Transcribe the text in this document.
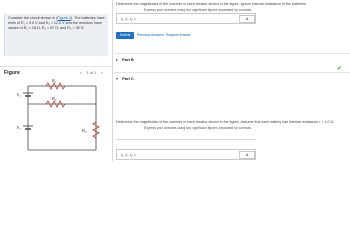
Consider the circuit shown in (Figure 1). The batteries have emfs of E₁ = 9.0 V and E₂ = 12.0 V and the resistors have values of R₁ = 28 Ω, R₂ = 67 Ω, and R₃ = 35 Ω.

Figure	< 1 of 1 >
R₁
R₂
R₃
E₁
E₂
Determine the magnitudes of the currents in each resistor shown in the figure. Ignore internal resistance of the batteries.
Express your answers using two significant figures separated by commas.
I₁, I₂, I₃ =	A
Submit	Previous Answers Request Answer
▸ Part B
✔
▾ Part C
Determine the magnitudes of the currents in each resistor shown in the figure. Assume that each battery has internal resistance r = 1.0 Ω.
Express your answers using two significant figures separated by commas.
I₁, I₂, I₃ =	A
